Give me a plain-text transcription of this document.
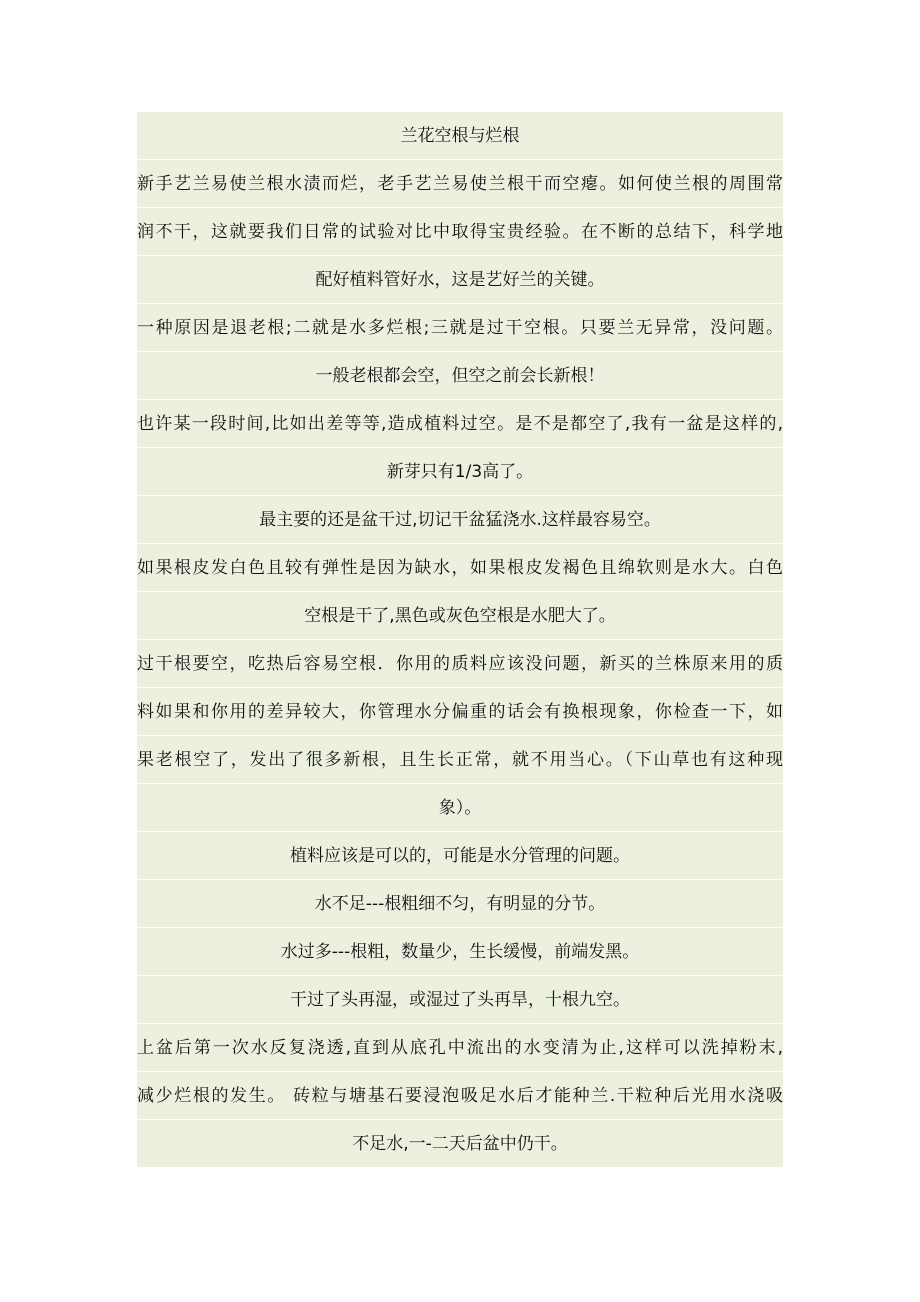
兰花空根与烂根
新手艺兰易使兰根水渍而烂，老手艺兰易使兰根干而空瘪。如何使兰根的周围常
润不干，这就要我们日常的试验对比中取得宝贵经验。在不断的总结下，科学地
配好植料管好水，这是艺好兰的关键。
一种原因是退老根;二就是水多烂根;三就是过干空根。只要兰无异常，没问题。
一般老根都会空，但空之前会长新根！
也许某一段时间,比如出差等等,造成植料过空。是不是都空了,我有一盆是这样的,
新芽只有1/3高了。
最主要的还是盆干过,切记干盆猛浇水.这样最容易空。
如果根皮发白色且较有弹性是因为缺水，如果根皮发褐色且绵软则是水大。白色
空根是干了,黑色或灰色空根是水肥大了。
过干根要空，吃热后容易空根．你用的质料应该没问题，新买的兰株原来用的质
料如果和你用的差异较大，你管理水分偏重的话会有换根现象，你检查一下，如
果老根空了，发出了很多新根，且生长正常，就不用当心。（下山草也有这种现
象）。
植料应该是可以的，可能是水分管理的问题。
水不足---根粗细不匀，有明显的分节。
水过多---根粗，数量少，生长缓慢，前端发黑。
干过了头再湿，或湿过了头再旱，十根九空。
上盆后第一次水反复浇透,直到从底孔中流出的水变清为止,这样可以洗掉粉末,
减少烂根的发生。 砖粒与塘基石要浸泡吸足水后才能种兰.干粒种后光用水浇吸
不足水,一-二天后盆中仍干。
